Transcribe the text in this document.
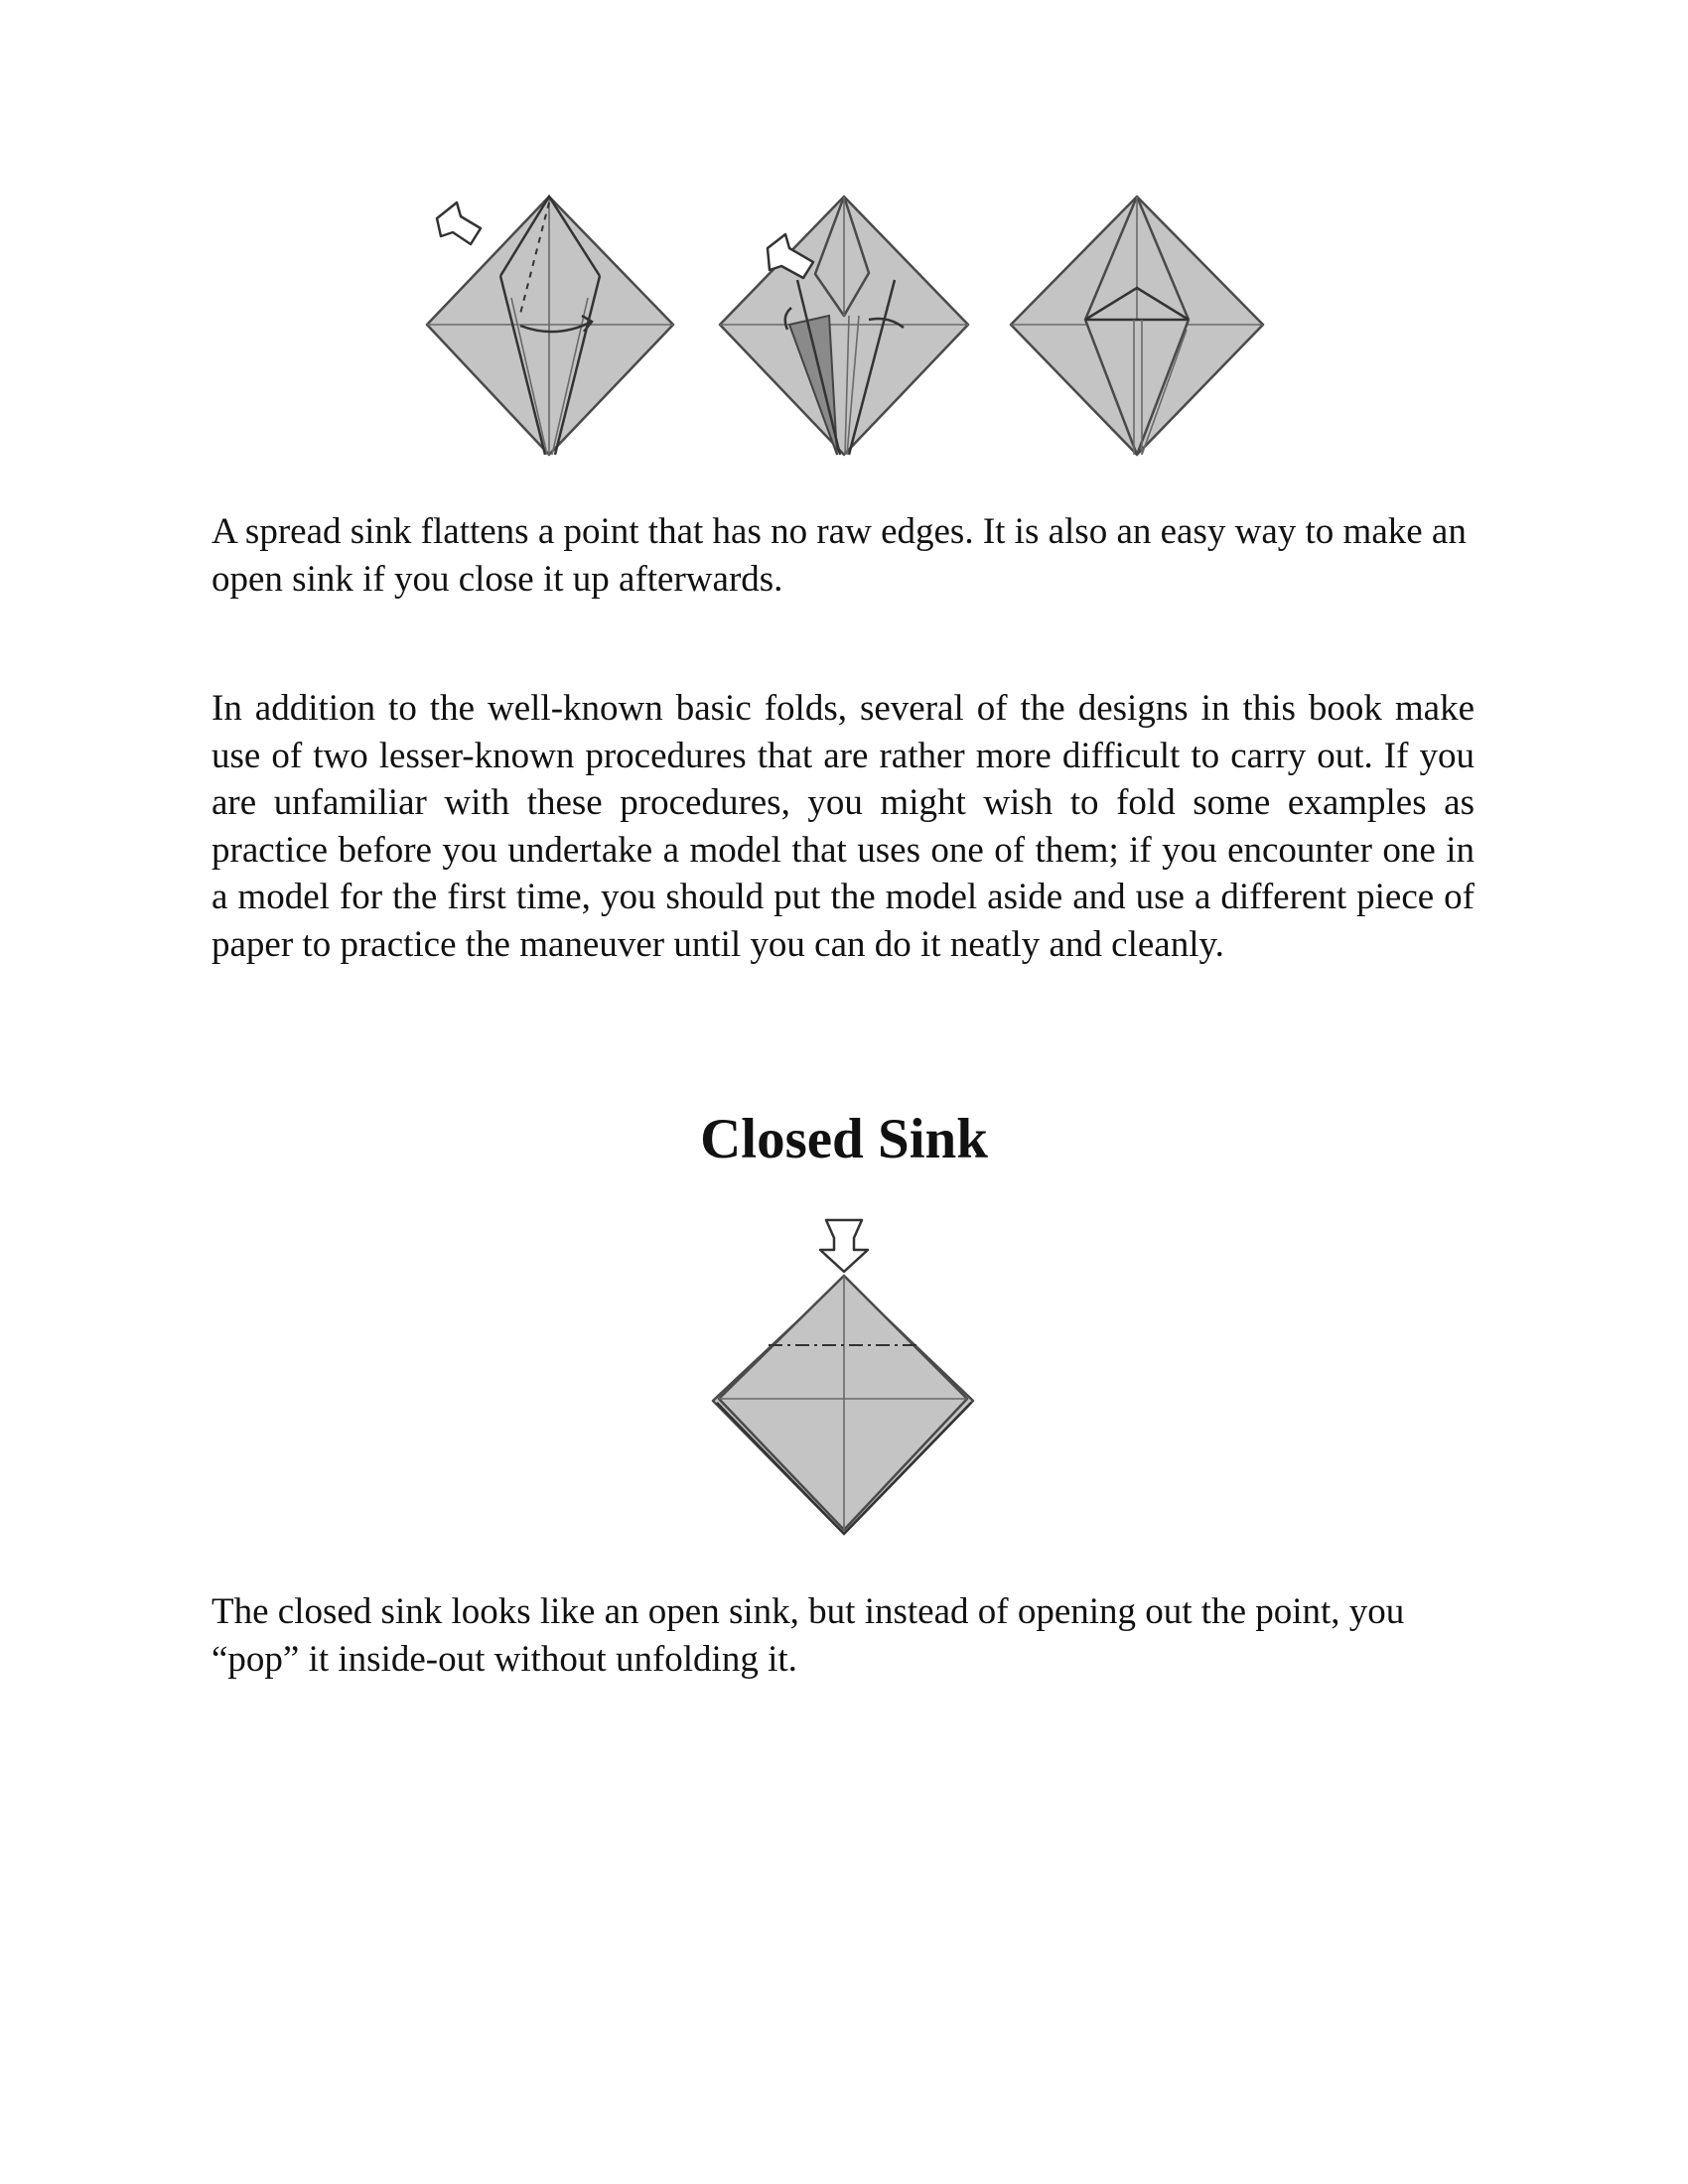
A spread sink flattens a point that has no raw edges. It is also an easy way to make an open sink if you close it up afterwards.

In addition to the well-known basic folds, several of the designs in this book make use of two lesser-known procedures that are rather more difficult to carry out. If you are unfamiliar with these procedures, you might wish to fold some examples as practice before you undertake a model that uses one of them; if you encounter one in a model for the first time, you should put the model aside and use a different piece of paper to practice the maneuver until you can do it neatly and cleanly.

Closed Sink

The closed sink looks like an open sink, but instead of opening out the point, you “pop” it inside-out without unfolding it.
